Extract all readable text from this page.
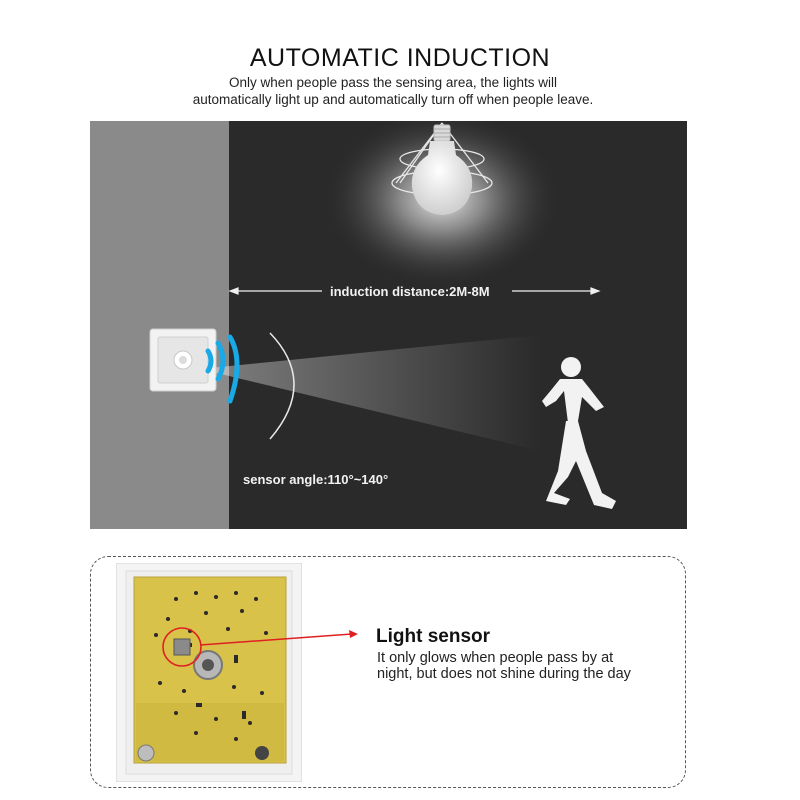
AUTOMATIC INDUCTION
Only when people pass the sensing area, the lights will
automatically light up and automatically turn off when people leave.
induction distance:2M-8M
sensor angle:110°~140°
Light sensor
It only glows when people pass by at
night, but does not shine during the day
